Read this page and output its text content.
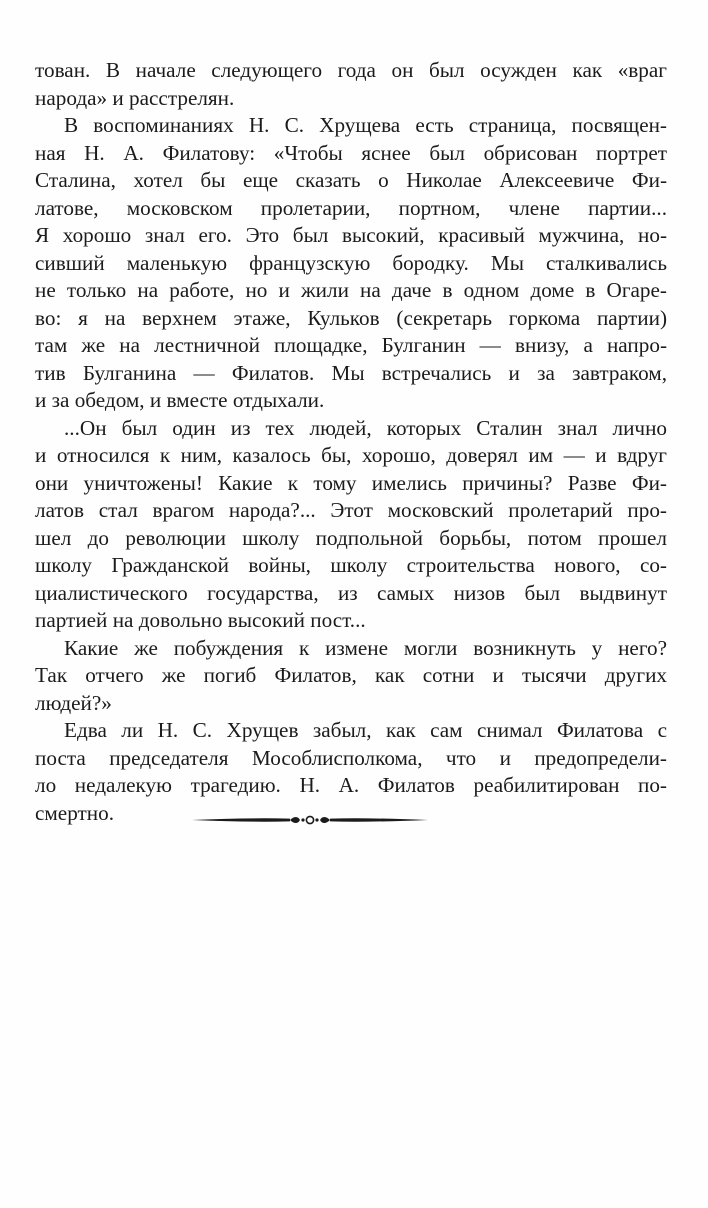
тован. В начале следующего года он был осужден как «враг
народа» и расстрелян.
В воспоминаниях Н. С. Хрущева есть страница, посвящен-
ная Н. А. Филатову: «Чтобы яснее был обрисован портрет
Сталина, хотел бы еще сказать о Николае Алексеевиче Фи-
латове, московском пролетарии, портном, члене партии...
Я хорошо знал его. Это был высокий, красивый мужчина, но-
сивший маленькую французскую бородку. Мы сталкивались
не только на работе, но и жили на даче в одном доме в Огаре-
во: я на верхнем этаже, Кульков (секретарь горкома партии)
там же на лестничной площадке, Булганин — внизу, а напро-
тив Булганина — Филатов. Мы встречались и за завтраком,
и за обедом, и вместе отдыхали.
...Он был один из тех людей, которых Сталин знал лично
и относился к ним, казалось бы, хорошо, доверял им — и вдруг
они уничтожены! Какие к тому имелись причины? Разве Фи-
латов стал врагом народа?... Этот московский пролетарий про-
шел до революции школу подпольной борьбы, потом прошел
школу Гражданской войны, школу строительства нового, со-
циалистического государства, из самых низов был выдвинут
партией на довольно высокий пост...
Какие же побуждения к измене могли возникнуть у него?
Так отчего же погиб Филатов, как сотни и тысячи других
людей?»
Едва ли Н. С. Хрущев забыл, как сам снимал Филатова с
поста председателя Мособлисполкома, что и предопредели-
ло недалекую трагедию. Н. А. Филатов реабилитирован по-
смертно.
